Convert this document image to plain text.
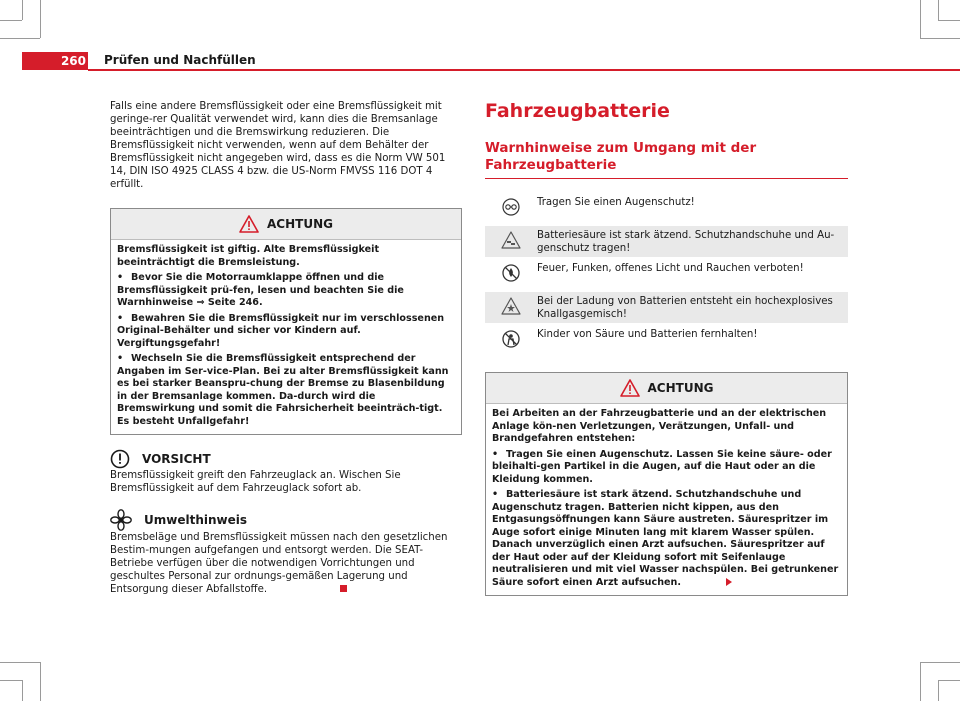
260 Prüfen und Nachfüllen

Falls eine andere Bremsflüssigkeit oder eine Bremsflüssigkeit mit geringe-rer Qualität verwendet wird, kann dies die Bremsanlage beeinträchtigen und die Bremswirkung reduzieren. Die Bremsflüssigkeit nicht verwenden, wenn auf dem Behälter der Bremsflüssigkeit nicht angegeben wird, dass es die Norm VW 501 14, DIN ISO 4925 CLASS 4 bzw. die US-Norm FMVSS 116 DOT 4 erfüllt.

ACHTUNG

Bremsflüssigkeit ist giftig. Alte Bremsflüssigkeit beeinträchtigt die Bremsleistung.

• Bevor Sie die Motorraumklappe öffnen und die Bremsflüssigkeit prü-fen, lesen und beachten Sie die Warnhinweise ⇒ Seite 246.

• Bewahren Sie die Bremsflüssigkeit nur im verschlossenen Original-Behälter und sicher vor Kindern auf. Vergiftungsgefahr!

• Wechseln Sie die Bremsflüssigkeit entsprechend der Angaben im Ser-vice-Plan. Bei zu alter Bremsflüssigkeit kann es bei starker Beanspru-chung der Bremse zu Blasenbildung in der Bremsanlage kommen. Da-durch wird die Bremswirkung und somit die Fahrsicherheit beeinträch-tigt. Es besteht Unfallgefahr!

VORSICHT

Bremsflüssigkeit greift den Fahrzeuglack an. Wischen Sie Bremsflüssigkeit auf dem Fahrzeuglack sofort ab.

Umwelthinweis

Bremsbeläge und Bremsflüssigkeit müssen nach den gesetzlichen Bestim-mungen aufgefangen und entsorgt werden. Die SEAT-Betriebe verfügen über die notwendigen Vorrichtungen und geschultes Personal zur ordnungs-gemäßen Lagerung und Entsorgung dieser Abfallstoffe.

Fahrzeugbatterie
Warnhinweise zum Umgang mit der Fahrzeugbatterie
Tragen Sie einen Augenschutz!
Batteriesäure ist stark ätzend. Schutzhandschuhe und Au-genschutz tragen!
Feuer, Funken, offenes Licht und Rauchen verboten!
Bei der Ladung von Batterien entsteht ein hochexplosives Knallgasgemisch!
Kinder von Säure und Batterien fernhalten!
ACHTUNG

Bei Arbeiten an der Fahrzeugbatterie und an der elektrischen Anlage kön-nen Verletzungen, Verätzungen, Unfall- und Brandgefahren entstehen:

• Tragen Sie einen Augenschutz. Lassen Sie keine säure- oder bleihalti-gen Partikel in die Augen, auf die Haut oder an die Kleidung kommen.

• Batteriesäure ist stark ätzend. Schutzhandschuhe und Augenschutz tragen. Batterien nicht kippen, aus den Entgasungsöffnungen kann Säure austreten. Säurespritzer im Auge sofort einige Minuten lang mit klarem Wasser spülen. Danach unverzüglich einen Arzt aufsuchen. Säurespritzer auf der Haut oder auf der Kleidung sofort mit Seifenlauge neutralisieren und mit viel Wasser nachspülen. Bei getrunkener Säure sofort einen Arzt aufsuchen.
